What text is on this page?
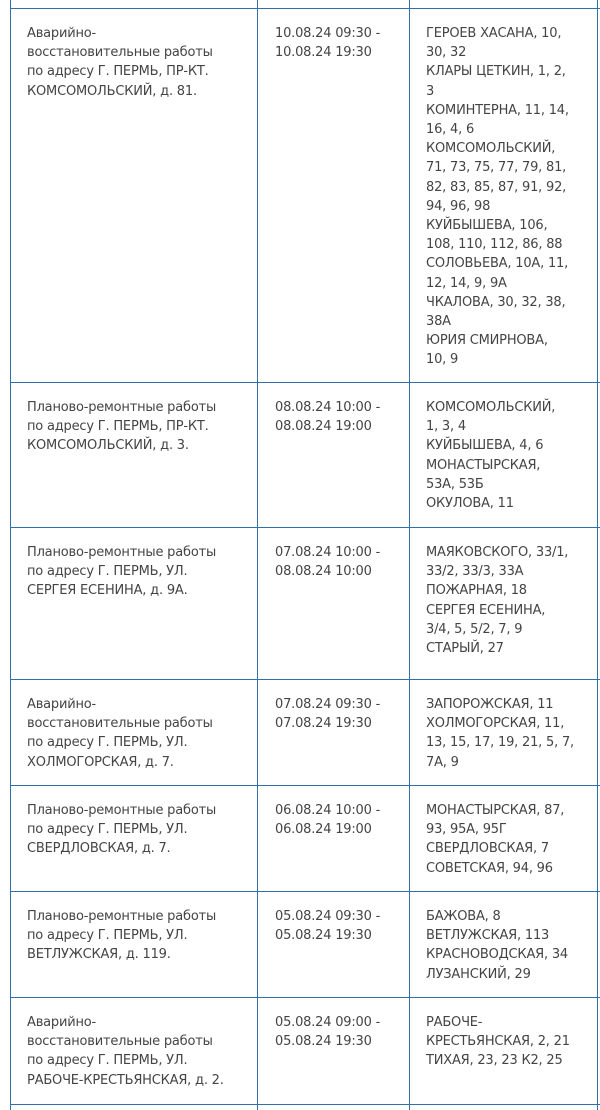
Аварийно-
восстановительные работы
по адресу Г. ПЕРМЬ, ПР-КТ.
КОМСОМОЛЬСКИЙ, д. 81.
10.08.24 09:30 -
10.08.24 19:30
ГЕРОЕВ ХАСАНА, 10,
30, 32
КЛАРЫ ЦЕТКИН, 1, 2,
3
КОМИНТЕРНА, 11, 14,
16, 4, 6
КОМСОМОЛЬСКИЙ,
71, 73, 75, 77, 79, 81,
82, 83, 85, 87, 91, 92,
94, 96, 98
КУЙБЫШЕВА, 106,
108, 110, 112, 86, 88
СОЛОВЬЕВА, 10А, 11,
12, 14, 9, 9А
ЧКАЛОВА, 30, 32, 38,
38А
ЮРИЯ СМИРНОВА,
10, 9
Планово-ремонтные работы
по адресу Г. ПЕРМЬ, ПР-КТ.
КОМСОМОЛЬСКИЙ, д. 3.
08.08.24 10:00 -
08.08.24 19:00
КОМСОМОЛЬСКИЙ,
1, 3, 4
КУЙБЫШЕВА, 4, 6
МОНАСТЫРСКАЯ,
53А, 53Б
ОКУЛОВА, 11
Планово-ремонтные работы
по адресу Г. ПЕРМЬ, УЛ.
СЕРГЕЯ ЕСЕНИНА, д. 9А.
07.08.24 10:00 -
08.08.24 10:00
МАЯКОВСКОГО, 33/1,
33/2, 33/3, 33А
ПОЖАРНАЯ, 18
СЕРГЕЯ ЕСЕНИНА,
3/4, 5, 5/2, 7, 9
СТАРЫЙ, 27
Аварийно-
восстановительные работы
по адресу Г. ПЕРМЬ, УЛ.
ХОЛМОГОРСКАЯ, д. 7.
07.08.24 09:30 -
07.08.24 19:30
ЗАПОРОЖСКАЯ, 11
ХОЛМОГОРСКАЯ, 11,
13, 15, 17, 19, 21, 5, 7,
7А, 9
Планово-ремонтные работы
по адресу Г. ПЕРМЬ, УЛ.
СВЕРДЛОВСКАЯ, д. 7.
06.08.24 10:00 -
06.08.24 19:00
МОНАСТЫРСКАЯ, 87,
93, 95А, 95Г
СВЕРДЛОВСКАЯ, 7
СОВЕТСКАЯ, 94, 96
Планово-ремонтные работы
по адресу Г. ПЕРМЬ, УЛ.
ВЕТЛУЖСКАЯ, д. 119.
05.08.24 09:30 -
05.08.24 19:30
БАЖОВА, 8
ВЕТЛУЖСКАЯ, 113
КРАСНОВОДСКАЯ, 34
ЛУЗАНСКИЙ, 29
Аварийно-
восстановительные работы
по адресу Г. ПЕРМЬ, УЛ.
РАБОЧЕ-КРЕСТЬЯНСКАЯ, д. 2.
05.08.24 09:00 -
05.08.24 19:30
РАБОЧЕ-
КРЕСТЬЯНСКАЯ, 2, 21
ТИХАЯ, 23, 23 К2, 25
